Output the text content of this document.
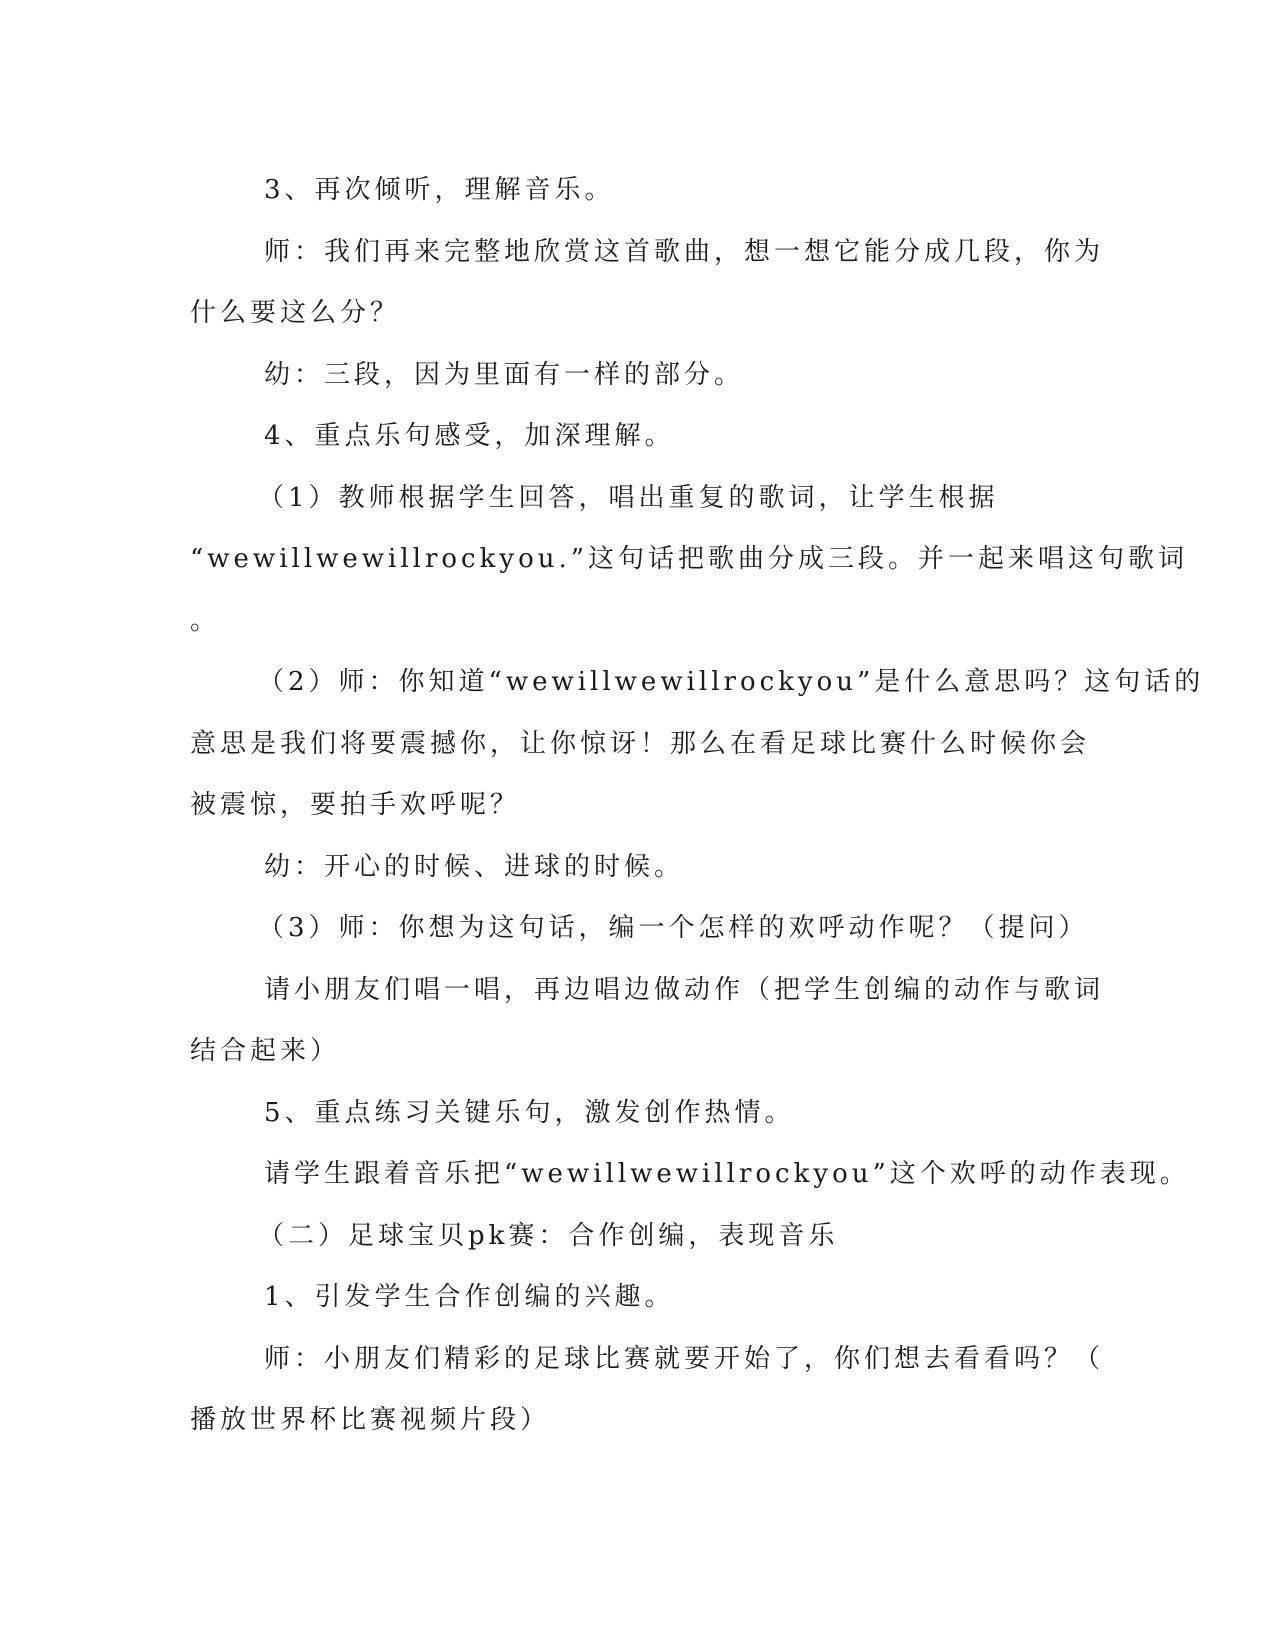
3、再次倾听，理解音乐。

师：我们再来完整地欣赏这首歌曲，想一想它能分成几段，你为

什么要这么分？

幼：三段，因为里面有一样的部分。

4、重点乐句感受，加深理解。

（1）教师根据学生回答，唱出重复的歌词，让学生根据

“wewillwewillrockyou.”这句话把歌曲分成三段。并一起来唱这句歌词

。

（2）师：你知道“wewillwewillrockyou”是什么意思吗？这句话的

意思是我们将要震撼你，让你惊讶！那么在看足球比赛什么时候你会

被震惊，要拍手欢呼呢？

幼：开心的时候、进球的时候。

（3）师：你想为这句话，编一个怎样的欢呼动作呢？（提问）

请小朋友们唱一唱，再边唱边做动作（把学生创编的动作与歌词

结合起来）

5、重点练习关键乐句，激发创作热情。

请学生跟着音乐把“wewillwewillrockyou”这个欢呼的动作表现。

（二）足球宝贝pk赛：合作创编，表现音乐

1、引发学生合作创编的兴趣。

师：小朋友们精彩的足球比赛就要开始了，你们想去看看吗？（

播放世界杯比赛视频片段）
